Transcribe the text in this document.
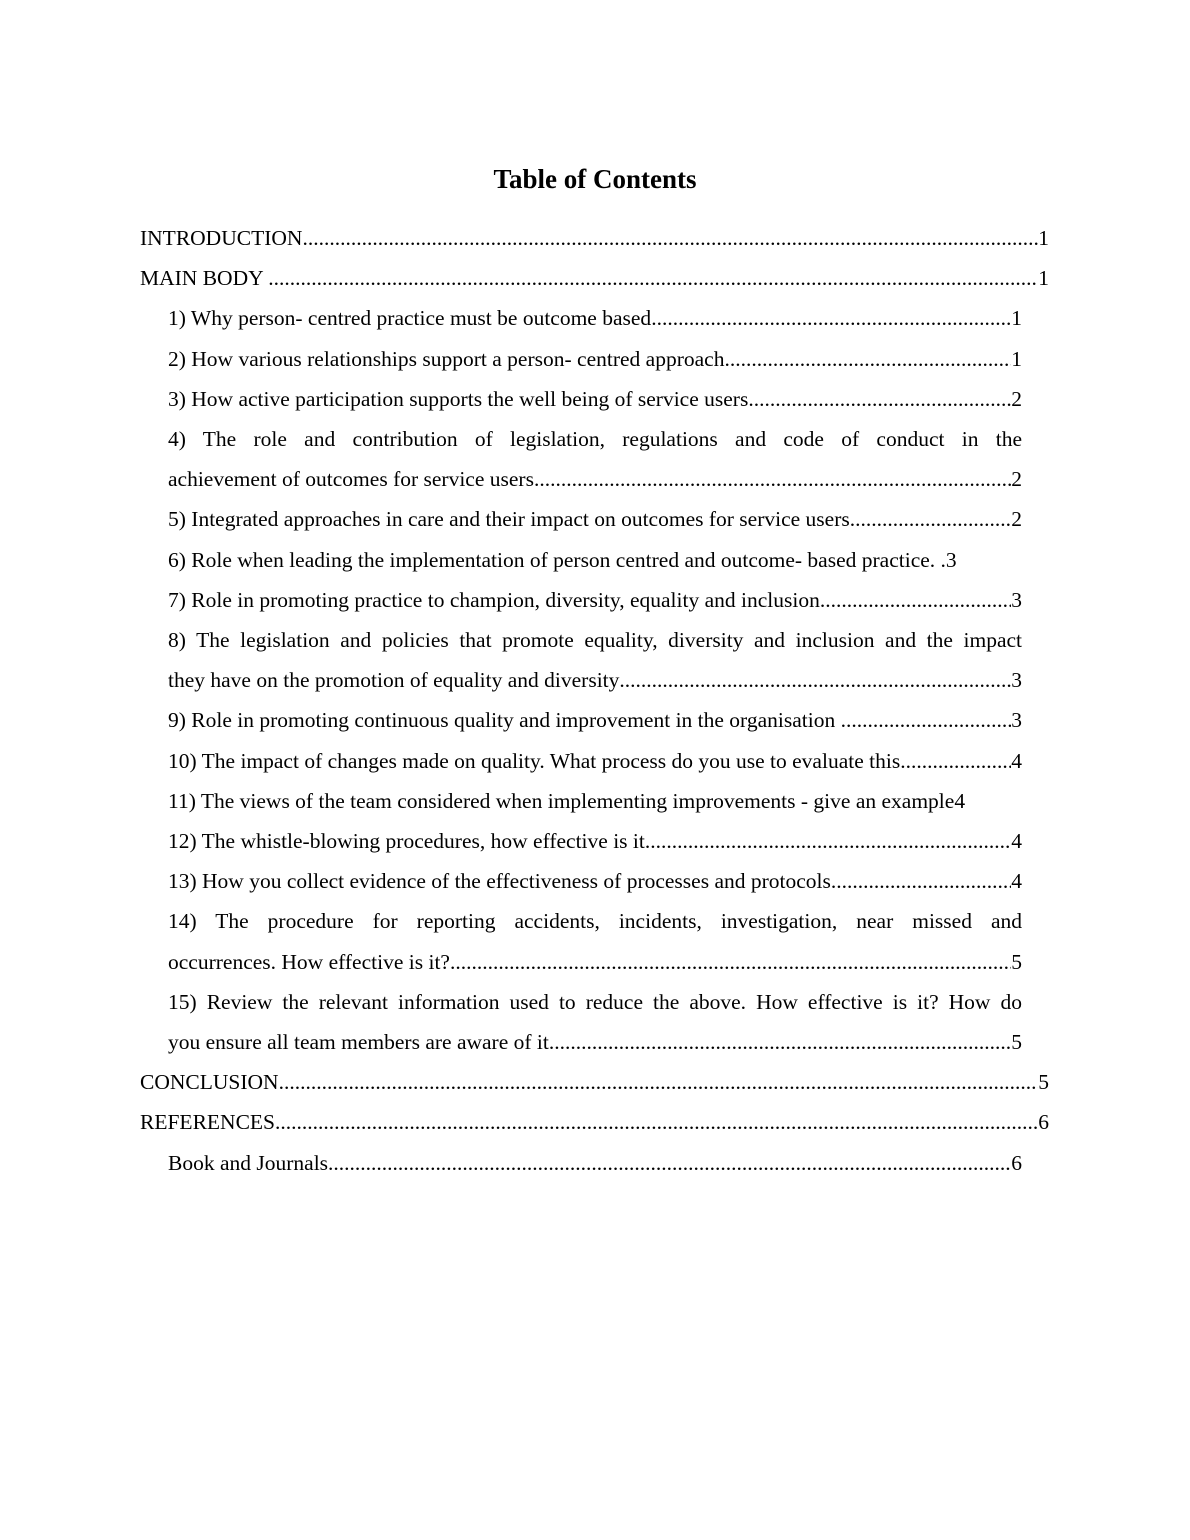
Table of Contents
INTRODUCTION .....	1
MAIN BODY .....	1
1) Why person- centred practice must be outcome based .....	1
2) How various relationships support a person- centred approach .....	1
3) How active participation supports the well being of service users .....	2
4) The role and contribution of legislation, regulations and code of conduct in the
achievement of outcomes for service users .....	2
5) Integrated approaches in care and their impact on outcomes for service users .....	2
6) Role when leading the implementation of person centred and outcome- based practice. . 3
7) Role in promoting practice to champion, diversity, equality and inclusion .....	3
8) The legislation and policies that promote equality, diversity and inclusion and the impact
they have on the promotion of equality and diversity .....	3
9) Role in promoting continuous quality and improvement in the organisation .....	3
10) The impact of changes made on quality. What process do you use to evaluate this .....	4
11) The views of the team considered when implementing improvements - give an example 4
12) The whistle-blowing procedures, how effective is it .....	4
13) How you collect evidence of the effectiveness of processes and protocols .....	4
14) The procedure for reporting accidents, incidents, investigation, near missed and
occurrences. How effective is it? .....	5
15) Review the relevant information used to reduce the above. How effective is it? How do
you ensure all team members are aware of it .....	5
CONCLUSION .....	5
REFERENCES .....	6
Book and Journals .....	6
